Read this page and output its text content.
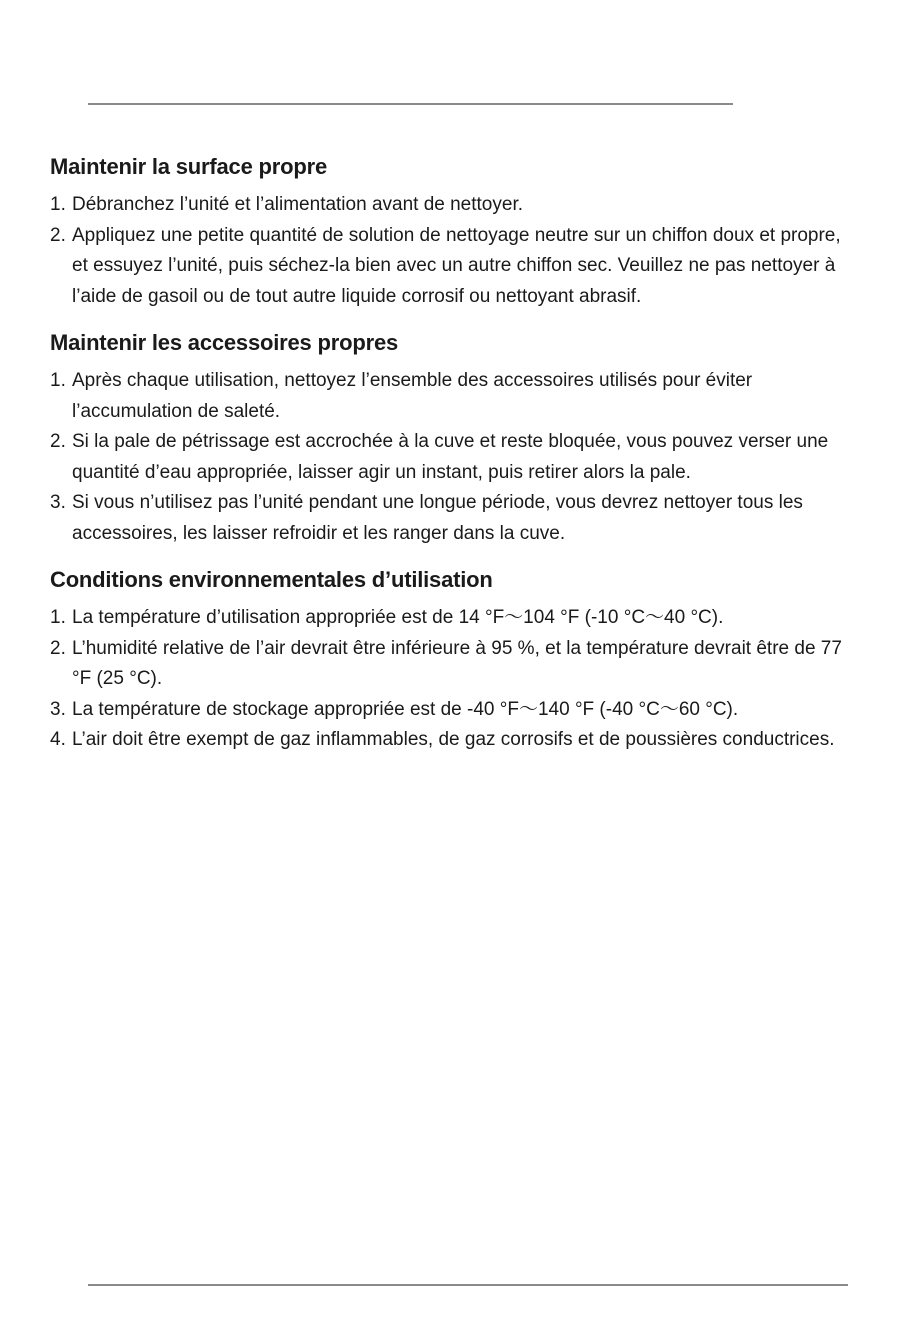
Maintenir la surface propre
1. Débranchez l’unité et l’alimentation avant de nettoyer.
2. Appliquez une petite quantité de solution de nettoyage neutre sur un chiffon doux et propre, et essuyez l’unité, puis séchez-la bien avec un autre chiffon sec. Veuillez ne pas nettoyer à l’aide de gasoil ou de tout autre liquide corrosif ou nettoyant abrasif.
Maintenir les accessoires propres
1. Après chaque utilisation, nettoyez l’ensemble des accessoires utilisés pour éviter l’accumulation de saleté.
2. Si la pale de pétrissage est accrochée à la cuve et reste bloquée, vous pouvez verser une quantité d’eau appropriée, laisser agir un instant, puis retirer alors la pale.
3. Si vous n’utilisez pas l’unité pendant une longue période, vous devrez nettoyer tous les accessoires, les laisser refroidir et les ranger dans la cuve.
Conditions environnementales d’utilisation
1. La température d’utilisation appropriée est de 14 °F～104 °F (-10 °C～40 °C).
2. L’humidité relative de l’air devrait être inférieure à 95 %, et la température devrait être de 77 °F (25 °C).
3. La température de stockage appropriée est de -40 °F～140 °F (-40 °C～60 °C).
4. L’air doit être exempt de gaz inflammables, de gaz corrosifs et de poussières conductrices.
